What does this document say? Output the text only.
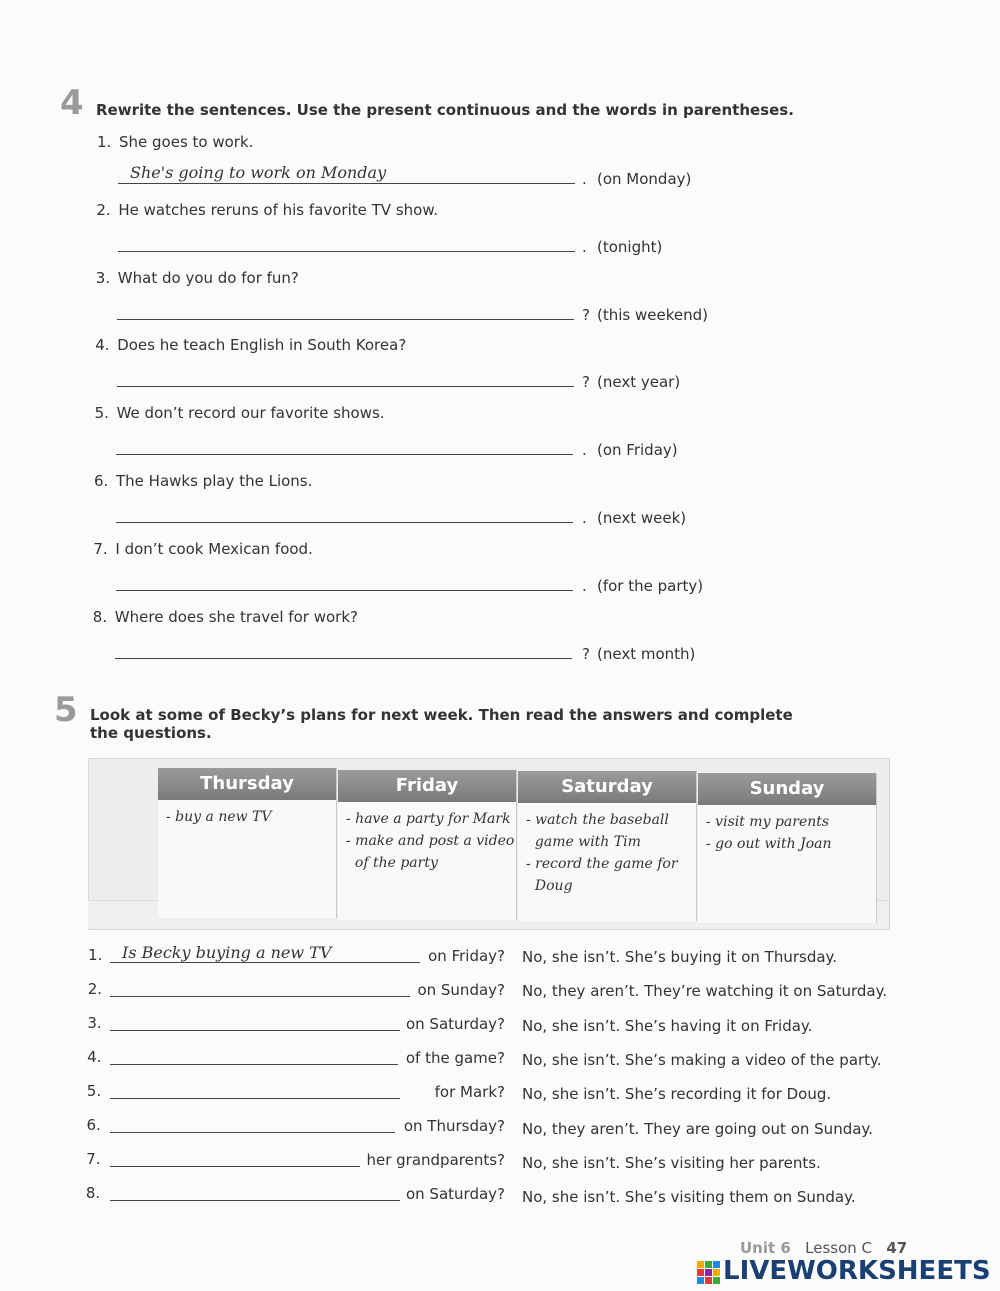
4 Rewrite the sentences. Use the present continuous and the words in parentheses.
1. She goes to work.
She's going to work on Monday	. (on Monday)
2. He watches reruns of his favorite TV show.
. (tonight)
3. What do you do for fun?
? (this weekend)
4. Does he teach English in South Korea?
? (next year)
5. We don’t record our favorite shows.
. (on Friday)
6. The Hawks play the Lions.
. (next week)
7. I don’t cook Mexican food.
. (for the party)
8. Where does she travel for work?
? (next month)
5 Look at some of Becky’s plans for next week. Then read the answers and complete
the questions.
Thursday
- buy a new TV
Friday
- have a party for Mark
- make and post a video
of the party
Saturday
- watch the baseball
game with Tim
- record the game for
Doug
Sunday
- visit my parents
- go out with Joan
1. Is Becky buying a new TV	on Friday? No, she isn’t. She’s buying it on Thursday.
2.	on Sunday? No, they aren’t. They’re watching it on Saturday.
3.	on Saturday? No, she isn’t. She’s having it on Friday.
4.	of the game? No, she isn’t. She’s making a video of the party.
5.	for Mark? No, she isn’t. She’s recording it for Doug.
6.	on Thursday? No, they aren’t. They are going out on Sunday.
7.	her grandparents? No, she isn’t. She’s visiting her parents.
8.	on Saturday? No, she isn’t. She’s visiting them on Sunday.
Unit 6 Lesson C 47
LIVEWORKSHEETS
